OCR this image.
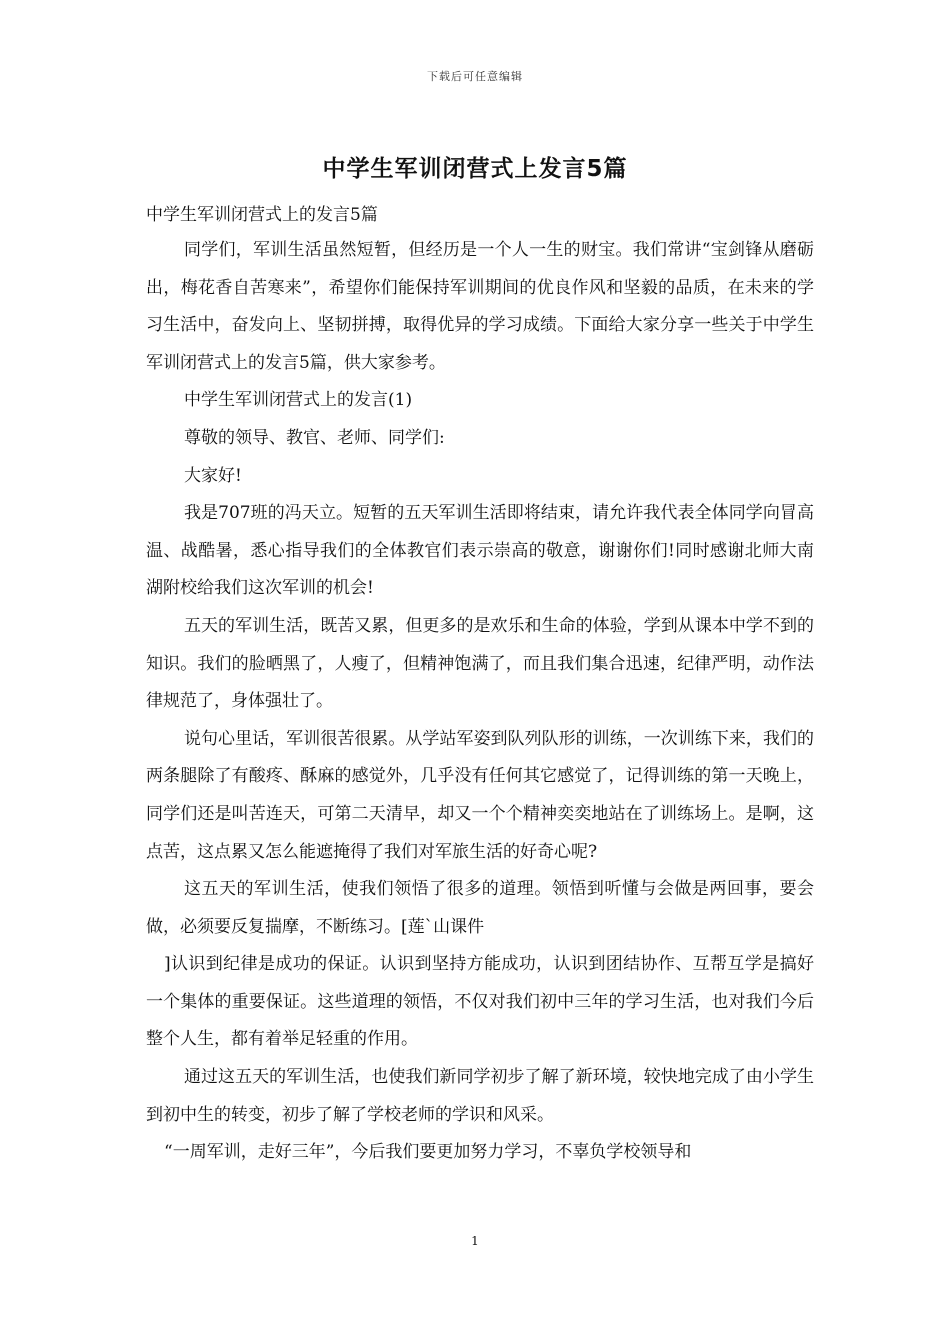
下载后可任意编辑
中学生军训闭营式上发言5篇
中学生军训闭营式上的发言5篇

同学们，军训生活虽然短暂，但经历是一个人一生的财宝。我们常讲“宝剑锋从磨砺出，梅花香自苦寒来”，希望你们能保持军训期间的优良作风和坚毅的品质，在未来的学习生活中，奋发向上、坚韧拼搏，取得优异的学习成绩。下面给大家分享一些关于中学生军训闭营式上的发言5篇，供大家参考。

中学生军训闭营式上的发言(1)

尊敬的领导、教官、老师、同学们:

大家好!

我是707班的冯天立。短暂的五天军训生活即将结束，请允许我代表全体同学向冒高温、战酷暑，悉心指导我们的全体教官们表示崇高的敬意，谢谢你们!同时感谢北师大南湖附校给我们这次军训的机会!

五天的军训生活，既苦又累，但更多的是欢乐和生命的体验，学到从课本中学不到的知识。我们的脸晒黑了，人瘦了，但精神饱满了，而且我们集合迅速，纪律严明，动作法律规范了，身体强壮了。

说句心里话，军训很苦很累。从学站军姿到队列队形的训练，一次训练下来，我们的两条腿除了有酸疼、酥麻的感觉外，几乎没有任何其它感觉了，记得训练的第一天晚上，同学们还是叫苦连天，可第二天清早，却又一个个精神奕奕地站在了训练场上。是啊，这点苦，这点累又怎么能遮掩得了我们对军旅生活的好奇心呢?

这五天的军训生活，使我们领悟了很多的道理。领悟到听懂与会做是两回事，要会做，必须要反复揣摩，不断练习。[莲`山课件

]认识到纪律是成功的保证。认识到坚持方能成功，认识到团结协作、互帮互学是搞好一个集体的重要保证。这些道理的领悟，不仅对我们初中三年的学习生活，也对我们今后整个人生，都有着举足轻重的作用。

通过这五天的军训生活，也使我们新同学初步了解了新环境，较快地完成了由小学生到初中生的转变，初步了解了学校老师的学识和风采。

“一周军训，走好三年”，今后我们要更加努力学习，不辜负学校领导和

1
